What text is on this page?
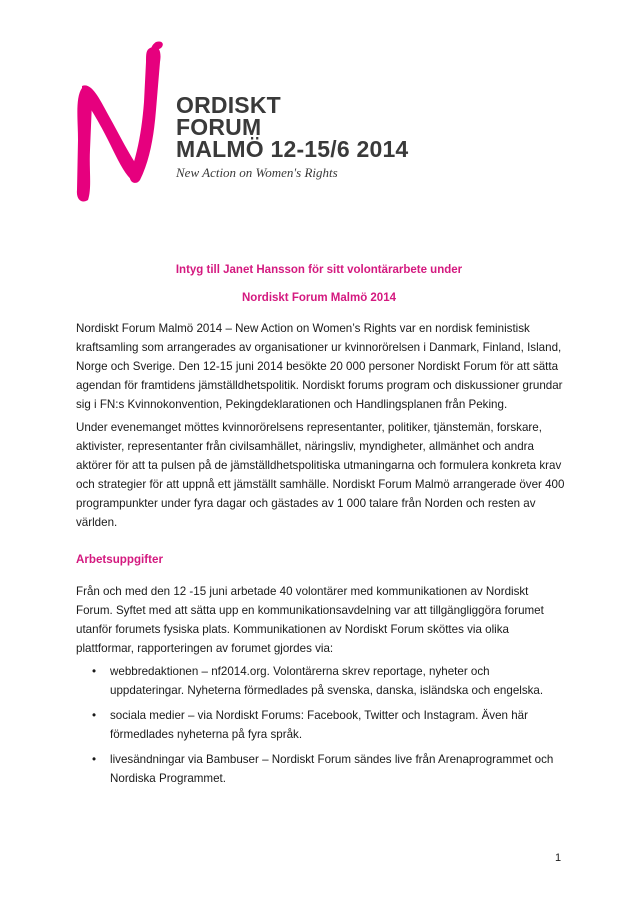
ORDISKT
FORUM
MALMÖ 12-15/6 2014
New Action on Women's Rights
Intyg till Janet Hansson för sitt volontärarbete under
Nordiskt Forum Malmö 2014

Nordiskt Forum Malmö 2014 – New Action on Women’s Rights var en nordisk feministisk kraftsamling som arrangerades av organisationer ur kvinnorörelsen i Danmark, Finland, Island, Norge och Sverige. Den 12-15 juni 2014 besökte 20 000 personer Nordiskt Forum för att sätta agendan för framtidens jämställdhetspolitik. Nordiskt forums program och diskussioner grundar sig i FN:s Kvinnokonvention, Pekingdeklarationen och Handlingsplanen från Peking.

Under evenemanget möttes kvinnorörelsens representanter, politiker, tjänstemän, forskare, aktivister, representanter från civilsamhället, näringsliv, myndigheter, allmänhet och andra aktörer för att ta pulsen på de jämställdhetspolitiska utmaningarna och formulera konkreta krav och strategier för att uppnå ett jämställt samhälle. Nordiskt Forum Malmö arrangerade över 400 programpunkter under fyra dagar och gästades av 1 000 talare från Norden och resten av världen.

Arbetsuppgifter

Från och med den 12 -15 juni arbetade 40 volontärer med kommunikationen av Nordiskt Forum. Syftet med att sätta upp en kommunikationsavdelning var att tillgängliggöra forumet utanför forumets fysiska plats. Kommunikationen av Nordiskt Forum sköttes via olika plattformar, rapporteringen av forumet gjordes via:

• webbredaktionen – nf2014.org. Volontärerna skrev reportage, nyheter och uppdateringar. Nyheterna förmedlades på svenska, danska, isländska och engelska.
• sociala medier – via Nordiskt Forums: Facebook, Twitter och Instagram. Även här förmedlades nyheterna på fyra språk.
• livesändningar via Bambuser – Nordiskt Forum sändes live från Arenaprogrammet och Nordiska Programmet.
1
